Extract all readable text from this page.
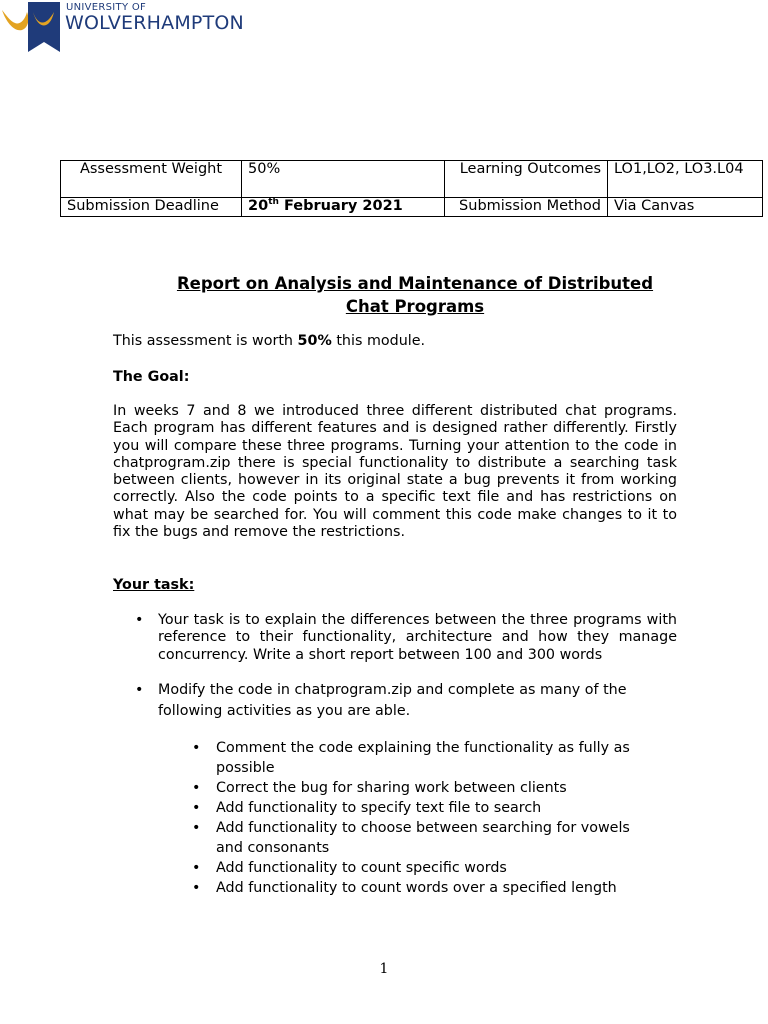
UNIVERSITY OF
WOLVERHAMPTON
Assessment Weight	50%	Learning Outcomes	LO1,LO2, LO3.L04
Submission Deadline	20th February 2021	Submission Method	Via Canvas
Report on Analysis and Maintenance of Distributed
Chat Programs
This assessment is worth 50% this module.
The Goal:
In weeks 7 and 8 we introduced three different distributed chat programs. Each program has different features and is designed rather differently. Firstly you will compare these three programs. Turning your attention to the code in chatprogram.zip there is special functionality to distribute a searching task between clients, however in its original state a bug prevents it from working correctly. Also the code points to a specific text file and has restrictions on what may be searched for. You will comment this code make changes to it to fix the bugs and remove the restrictions.
Your task:
• Your task is to explain the differences between the three programs with reference to their functionality, architecture and how they manage concurrency. Write a short report between 100 and 300 words
• Modify the code in chatprogram.zip and complete as many of the following activities as you are able.
• Comment the code explaining the functionality as fully as possible
• Correct the bug for sharing work between clients
• Add functionality to specify text file to search
• Add functionality to choose between searching for vowels and consonants
• Add functionality to count specific words
• Add functionality to count words over a specified length
1
